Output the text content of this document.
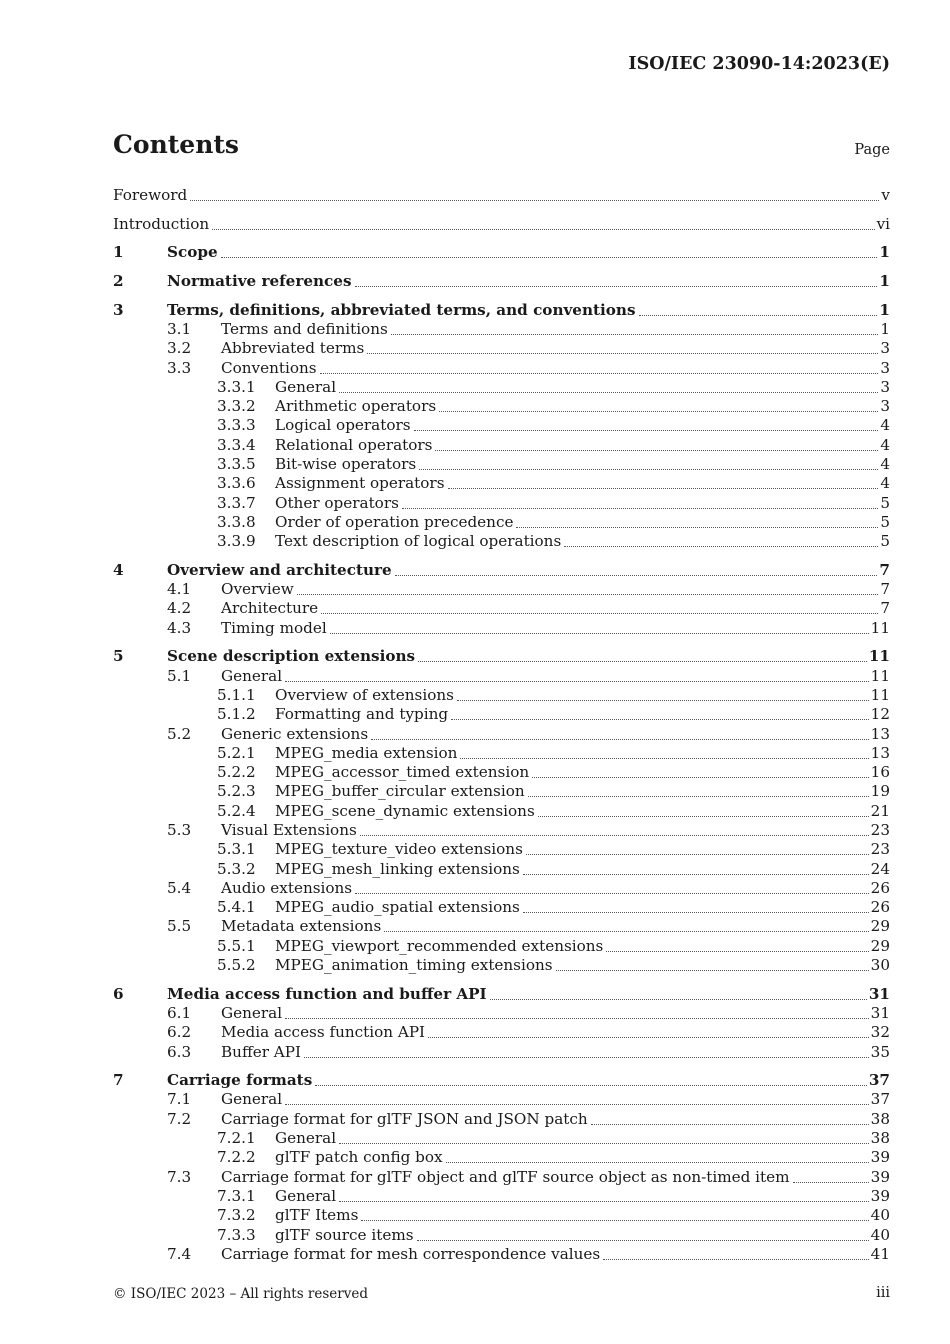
ISO/IEC 23090-14:2023(E)
Contents	Page
Foreword	v
Introduction	vi
1	Scope	1
2	Normative references	1
3	Terms, definitions, abbreviated terms, and conventions	1
3.1	Terms and definitions	1
3.2	Abbreviated terms	3
3.3	Conventions	3
3.3.1	General	3
3.3.2	Arithmetic operators	3
3.3.3	Logical operators	4
3.3.4	Relational operators	4
3.3.5	Bit-wise operators	4
3.3.6	Assignment operators	4
3.3.7	Other operators	5
3.3.8	Order of operation precedence	5
3.3.9	Text description of logical operations	5
4	Overview and architecture	7
4.1	Overview	7
4.2	Architecture	7
4.3	Timing model	11
5	Scene description extensions	11
5.1	General	11
5.1.1	Overview of extensions	11
5.1.2	Formatting and typing	12
5.2	Generic extensions	13
5.2.1	MPEG_media extension	13
5.2.2	MPEG_accessor_timed extension	16
5.2.3	MPEG_buffer_circular extension	19
5.2.4	MPEG_scene_dynamic extensions	21
5.3	Visual Extensions	23
5.3.1	MPEG_texture_video extensions	23
5.3.2	MPEG_mesh_linking extensions	24
5.4	Audio extensions	26
5.4.1	MPEG_audio_spatial extensions	26
5.5	Metadata extensions	29
5.5.1	MPEG_viewport_recommended extensions	29
5.5.2	MPEG_animation_timing extensions	30
6	Media access function and buffer API	31
6.1	General	31
6.2	Media access function API	32
6.3	Buffer API	35
7	Carriage formats	37
7.1	General	37
7.2	Carriage format for glTF JSON and JSON patch	38
7.2.1	General	38
7.2.2	glTF patch config box	39
7.3	Carriage format for glTF object and glTF source object as non-timed item	39
7.3.1	General	39
7.3.2	glTF Items	40
7.3.3	glTF source items	40
7.4	Carriage format for mesh correspondence values	41
© ISO/IEC 2023 – All rights reserved	iii
